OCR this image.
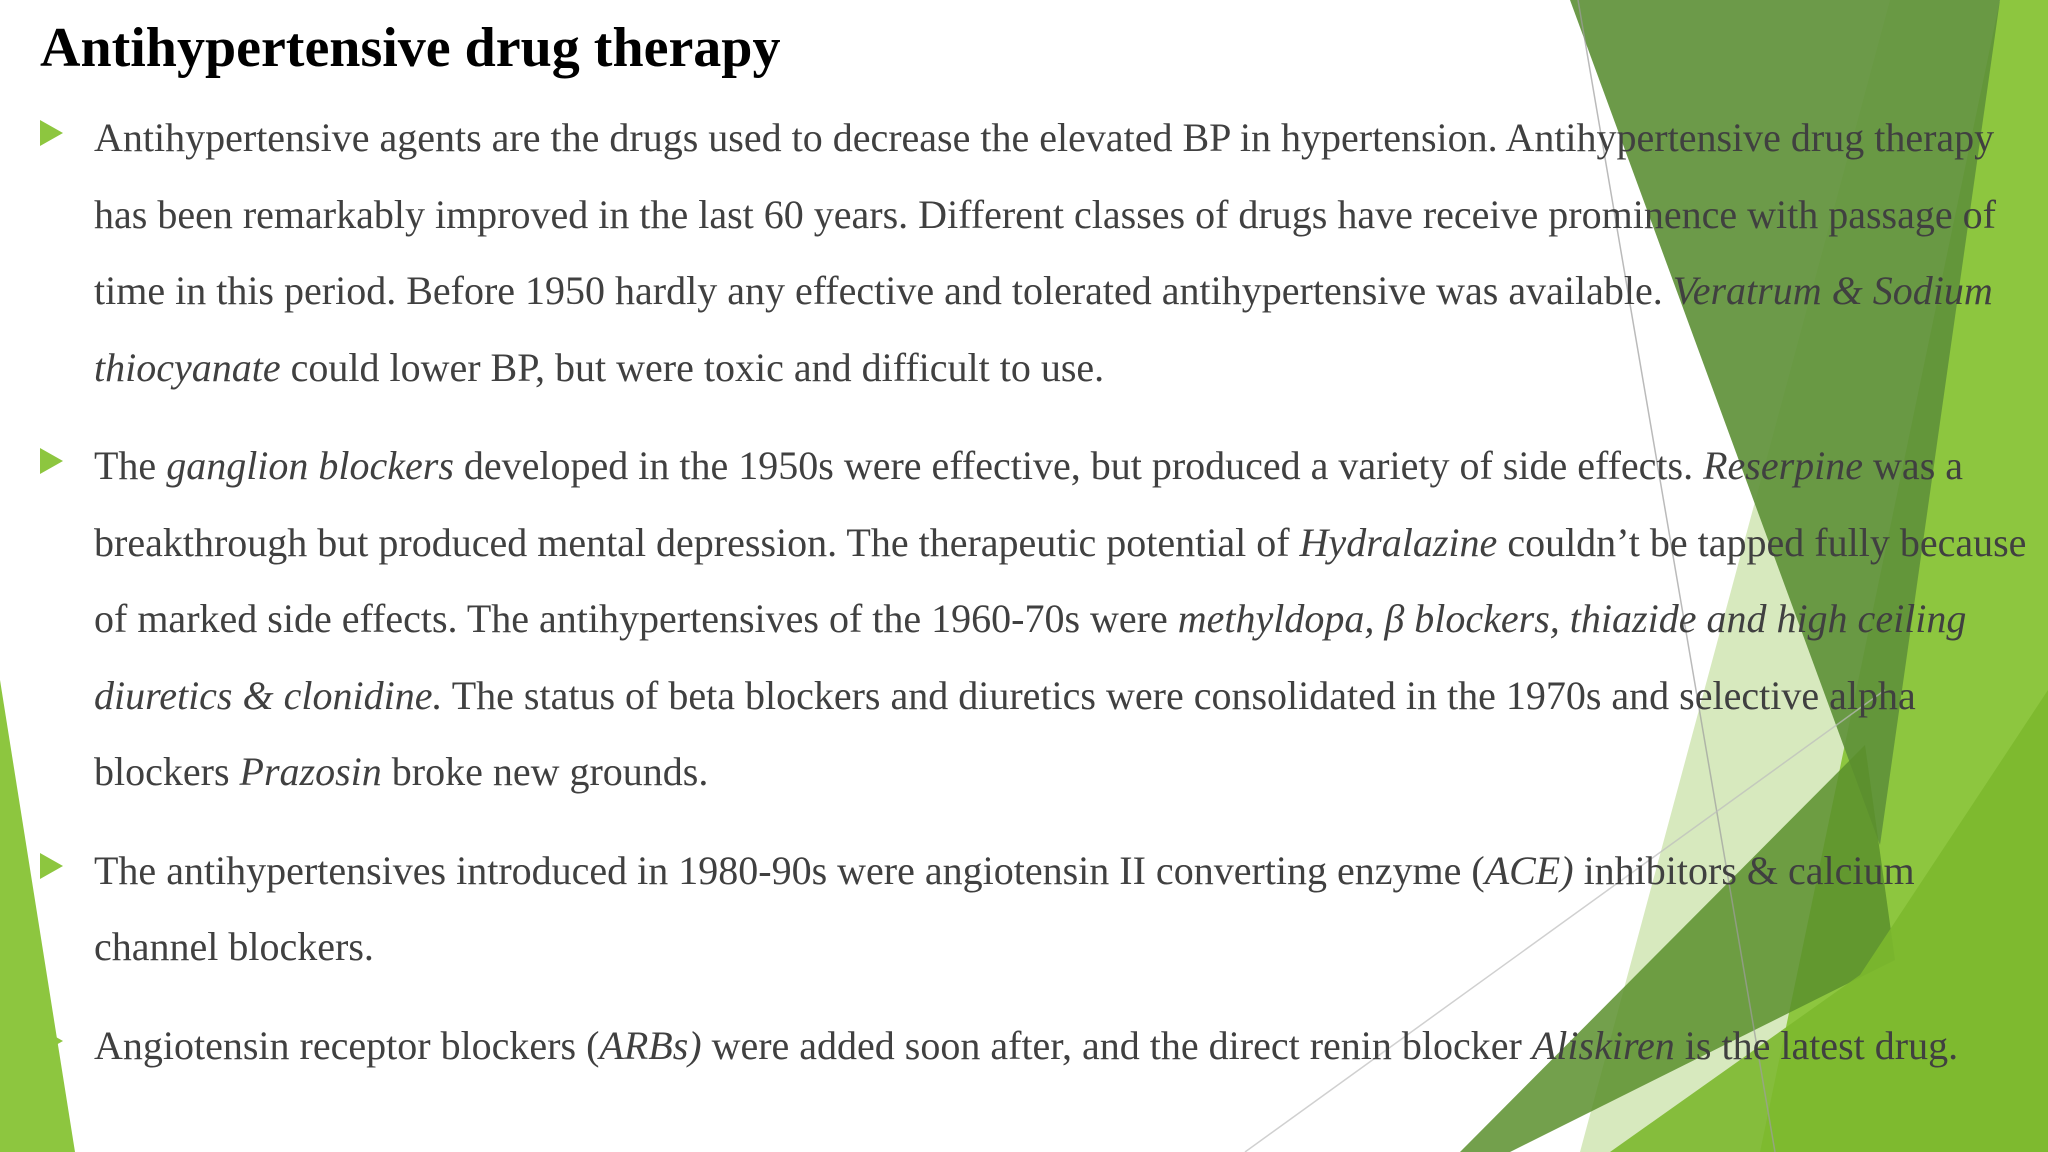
Antihypertensive drug therapy

Antihypertensive agents are the drugs used to decrease the elevated BP in hypertension. Antihypertensive drug therapy has been remarkably improved in the last 60 years. Different classes of drugs have receive prominence with passage of time in this period. Before 1950 hardly any effective and tolerated antihypertensive was available. Veratrum & Sodium thiocyanate could lower BP, but were toxic and difficult to use.

The ganglion blockers developed in the 1950s were effective, but produced a variety of side effects. Reserpine was a breakthrough but produced mental depression. The therapeutic potential of Hydralazine couldn’t be tapped fully because of marked side effects. The antihypertensives of the 1960-70s were methyldopa, β blockers, thiazide and high ceiling diuretics & clonidine. The status of beta blockers and diuretics were consolidated in the 1970s and selective alpha blockers Prazosin broke new grounds.

The antihypertensives introduced in 1980-90s were angiotensin II converting enzyme (ACE) inhibitors & calcium channel blockers.

Angiotensin receptor blockers (ARBs) were added soon after, and the direct renin blocker Aliskiren is the latest drug.
